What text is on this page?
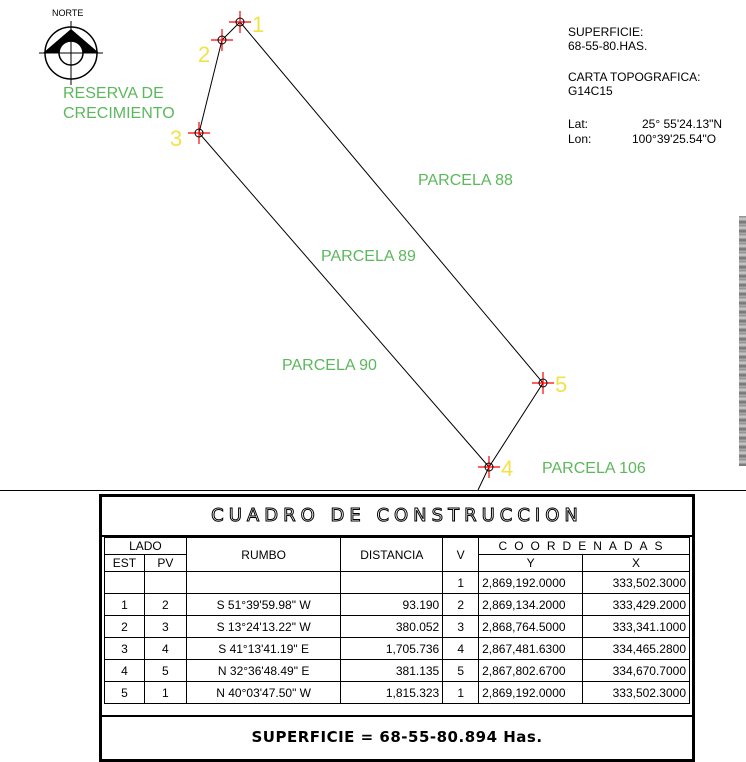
1
2
3
4
5
NORTE
RESERVA DE
CRECIMIENTO
PARCELA 88
PARCELA 89
PARCELA 90
PARCELA 106
SUPERFICIE:
68-55-80.HAS.
CARTA TOPOGRAFICA:
G14C15
Lat:	25° 55'24.13"N
Lon:	100°39'25.54"O
CUADRO DE CONSTRUCCION
LADO		RUMBO	DISTANCIA	V	COORDENADAS	
EST	PV				Y	X
				1	2,869,192.0000	333,502.3000
1	2	S 51°39'59.98" W	93.190	2	2,869,134.2000	333,429.2000
2	3	S 13°24'13.22" W	380.052	3	2,868,764.5000	333,341.1000
3	4	S 41°13'41.19" E	1,705.736	4	2,867,481.6300	334,465.2800
4	5	N 32°36'48.49" E	381.135	5	2,867,802.6700	334,670.7000
5	1	N 40°03'47.50" W	1,815.323	1	2,869,192.0000	333,502.3000
SUPERFICIE = 68-55-80.894 Has.
